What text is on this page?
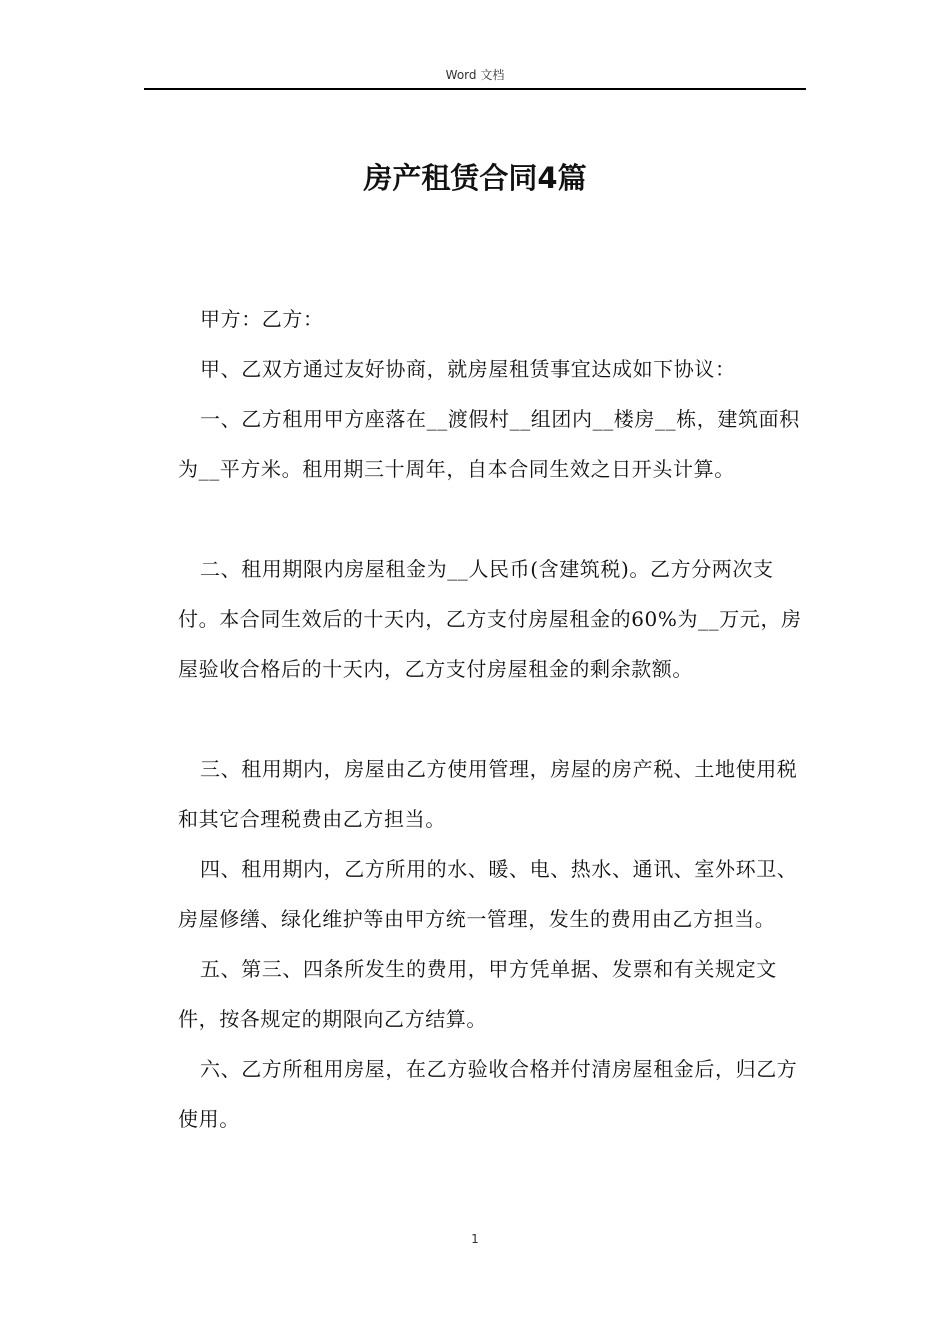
Word 文档
房产租赁合同4篇

甲方：乙方：

甲、乙双方通过友好协商，就房屋租赁事宜达成如下协议：

一、乙方租用甲方座落在__渡假村__组团内__楼房__栋，建筑面积为__平方米。租用期三十周年，自本合同生效之日开头计算。

二、租用期限内房屋租金为__人民币(含建筑税)。乙方分两次支付。本合同生效后的十天内，乙方支付房屋租金的60%为__万元，房屋验收合格后的十天内，乙方支付房屋租金的剩余款额。

三、租用期内，房屋由乙方使用管理，房屋的房产税、土地使用税和其它合理税费由乙方担当。

四、租用期内，乙方所用的水、暖、电、热水、通讯、室外环卫、房屋修缮、绿化维护等由甲方统一管理，发生的费用由乙方担当。

五、第三、四条所发生的费用，甲方凭单据、发票和有关规定文件，按各规定的期限向乙方结算。

六、乙方所租用房屋，在乙方验收合格并付清房屋租金后，归乙方使用。

1
